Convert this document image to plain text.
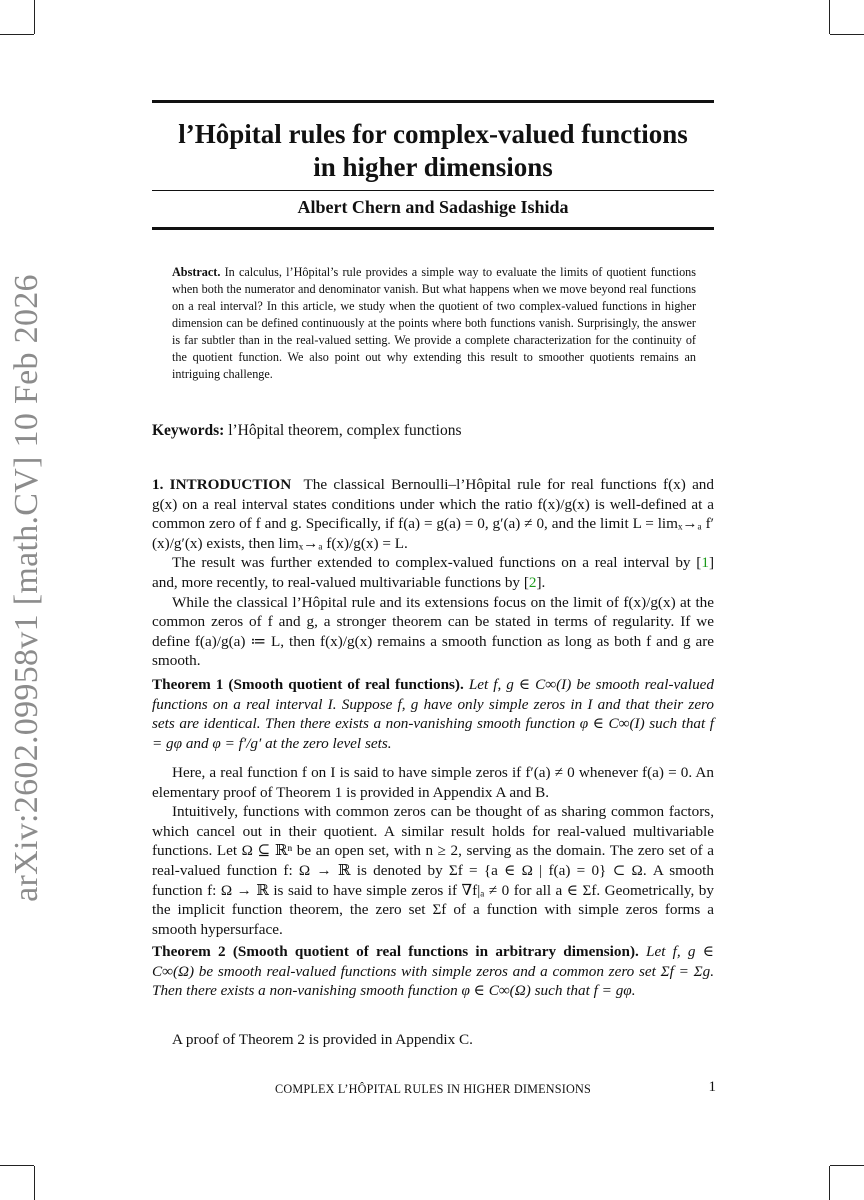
arXiv:2602.09958v1 [math.CV] 10 Feb 2026
l’Hôpital rules for complex-valued functions
in higher dimensions

Albert Chern and Sadashige Ishida

Abstract. In calculus, l’Hôpital’s rule provides a simple way to evaluate the limits of quotient functions when both the numerator and denominator vanish. But what happens when we move beyond real functions on a real interval? In this article, we study when the quotient of two complex-valued functions in higher dimension can be defined continuously at the points where both functions vanish. Surprisingly, the answer is far subtler than in the real-valued setting. We provide a complete characterization for the continuity of the quotient function. We also point out why extending this result to smoother quotients remains an intriguing challenge.

Keywords: l’Hôpital theorem, complex functions

1. INTRODUCTION The classical Bernoulli–l’Hôpital rule for real functions f(x) and g(x) on a real interval states conditions under which the ratio f(x)/g(x) is well-defined at a common zero of f and g. Specifically, if f(a) = g(a) = 0, g′(a) ≠ 0, and the limit L = limₓ→ₐ f′(x)/g′(x) exists, then limₓ→ₐ f(x)/g(x) = L.

The result was further extended to complex-valued functions on a real interval by [1] and, more recently, to real-valued multivariable functions by [2].

While the classical l’Hôpital rule and its extensions focus on the limit of f(x)/g(x) at the common zeros of f and g, a stronger theorem can be stated in terms of regularity. If we define f(a)/g(a) ≔ L, then f(x)/g(x) remains a smooth function as long as both f and g are smooth.

Theorem 1 (Smooth quotient of real functions). Let f, g ∈ C∞(I) be smooth real-valued functions on a real interval I. Suppose f, g have only simple zeros in I and that their zero sets are identical. Then there exists a non-vanishing smooth function φ ∈ C∞(I) such that f = gφ and φ = f′/g′ at the zero level sets.

Here, a real function f on I is said to have simple zeros if f′(a) ≠ 0 whenever f(a) = 0. An elementary proof of Theorem 1 is provided in Appendix A and B.

Intuitively, functions with common zeros can be thought of as sharing common factors, which cancel out in their quotient. A similar result holds for real-valued multivariable functions. Let Ω ⊆ ℝⁿ be an open set, with n ≥ 2, serving as the domain. The zero set of a real-valued function f: Ω → ℝ is denoted by Σf = {a ∈ Ω | f(a) = 0} ⊂ Ω. A smooth function f: Ω → ℝ is said to have simple zeros if ∇f|ₐ ≠ 0 for all a ∈ Σf. Geometrically, by the implicit function theorem, the zero set Σf of a function with simple zeros forms a smooth hypersurface.

Theorem 2 (Smooth quotient of real functions in arbitrary dimension). Let f, g ∈ C∞(Ω) be smooth real-valued functions with simple zeros and a common zero set Σf = Σg. Then there exists a non-vanishing smooth function φ ∈ C∞(Ω) such that f = gφ.

A proof of Theorem 2 is provided in Appendix C.

COMPLEX L’HÔPITAL RULES IN HIGHER DIMENSIONS	1
